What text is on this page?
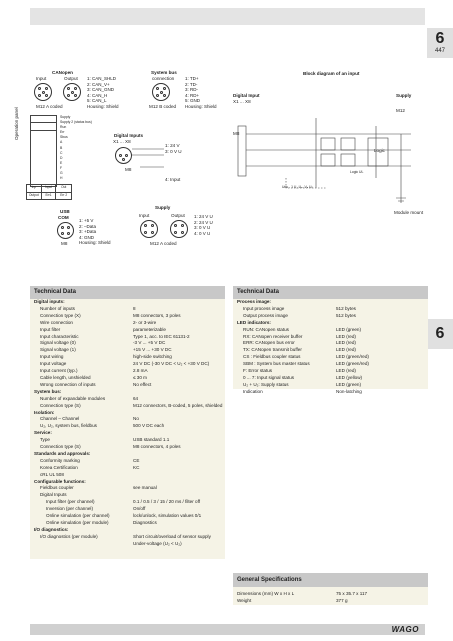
6
447
6
CANopen
Input	Output 1: CAN_SHLD
2: CAN_V+
3: CAN_GND
4: CAN_H
5: CAN_L
Housing: Shield
M12 A coded
System bus
connection 1: TD+
2: TD-
3: RD-
4: RD+
5: GND
Housing: Shield
M12 B coded
Operation panel	Supply
Supply 2 (status bus)
Run
Err
Sbus
A
B
C
D
E
F
G
H
Inp	Input	Out
Output	Err1	Err 2
Digital Inputs
X1 ... X8
1: 24 V
3: 0 V U
M8
4: Input
USB
COM
1: +5 V
2: –Data
3: +Data
4: GND
Housing: Shield
M8
Supply
Input	Output 1: 24 V U
2: 24 V U
3: 0 V U
4: 0 V U
M12 A coded
Block diagram of an input
Digital Input
X1 ... X8
Supply
M12
M8
Logic
Logic UL
Uᴘᴜ - 1 U₂ Uₙ -Vₙ Uₚ
Module mount
Technical Data
Digital inputs:
Number of inputs	8
Connection type (X)	M8 connectors, 3 poles
Wire connection	2- or 3-wire
Input filter	parameterizable
Input characteristic	Type 1, acc. to IEC 61131-2
Signal voltage (0)	-3 V ... +5 V DC
Signal voltage (1)	+15 V ... +30 V DC
Input wiring	high-side switching
Input voltage	24 V DC (-30 V DC < U₂ < +30 V DC)
Input current (typ.)	2.8 mA
Cable length, unshielded	≤ 30 m
Wrong connection of inputs	No effect
System bus:
Number of expandable modules	64
Connection type (S)	M12 connectors, B-coded, 5 poles, shielded
Isolation:
Channel – Channel	No
U₂, U₂, system bus, fieldbus	500 V DC each
Service:
Type	USB standard 1.1
Connection type (S)	M8 connectors, 4 poles
Standards and approvals:
Conformity marking	CE
Korea Certification	KC
cRL UL 508
Configurable functions:
Fieldbus coupler	see manual
Digital Inputs
Input filter (per channel)	0.1 / 0.5 / 3 / 15 / 20 ms / filter off
Inversion (per channel)	On/off
Online simulation (per channel)	lock/unlock, simulation values 0/1
Online simulation (per module)	Diagnostics
I/O diagnostics:
I/O diagnostics (per module)	Short circuit/overload of sensor supply
Under-voltage (U₂ < U₂)
Technical Data
Process image:
Input process image	512 bytes
Output process image	512 bytes
LED indicators:
RUN: CANopen status	LED (green)
RX: CANopen receiver buffer	LED (red)
ERR: CANopen bus error	LED (red)
TX: CANopen transmit buffer	LED (red)
CS : Fieldbus coupler status	LED (green/red)
SBM : System bus master status	LED (green/red)
F: Error status	LED (red)
0 ... 7: Input signal status	LED (yellow)
U₂ + U₂: Supply status	LED (green)
Indication	Non-latching
General Specifications
Dimensions (mm) W x H x L	75 x 35.7 x 117
Weight	377 g
WAGO
